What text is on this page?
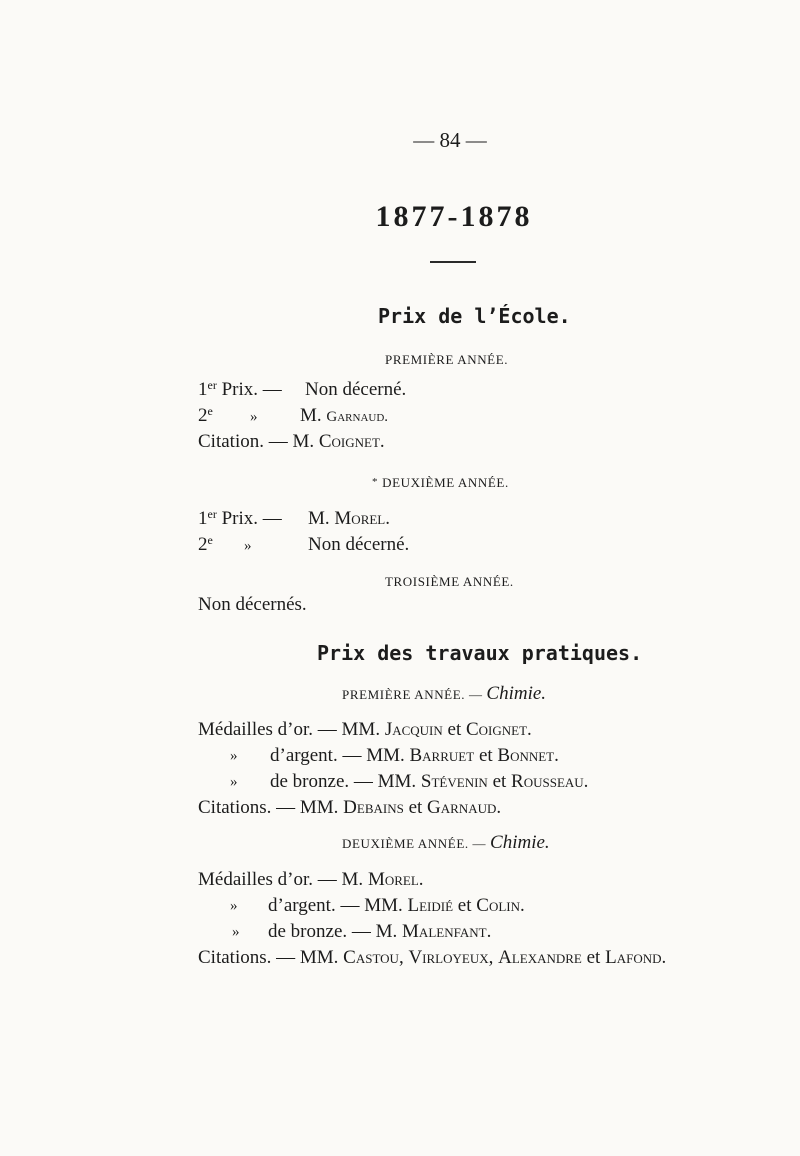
— 84 —
1877-1878
Prix de l’École.
PREMIÈRE ANNÉE.
1er Prix. — Non décerné.
2e » M. Garnaud.
Citation. — M. Coignet.
* DEUXIÈME ANNÉE.
1er Prix. — M. Morel.
2e »	Non décerné.
TROISIÈME ANNÉE.
Non décernés.
Prix des travaux pratiques.
PREMIÈRE ANNÉE. — Chimie.
Médailles d’or. — MM. Jacquin et Coignet.
» d’argent. — MM. Barruet et Bonnet.
» de bronze. — MM. Stévenin et Rousseau.
Citations. — MM. Debains et Garnaud.
DEUXIÈME ANNÉE. — Chimie.
Médailles d’or. — M. Morel.
» d’argent. — MM. Leidié et Colin.
» de bronze. — M. Malenfant.
Citations. — MM. Castou, Virloyeux, Alexandre et Lafond.
